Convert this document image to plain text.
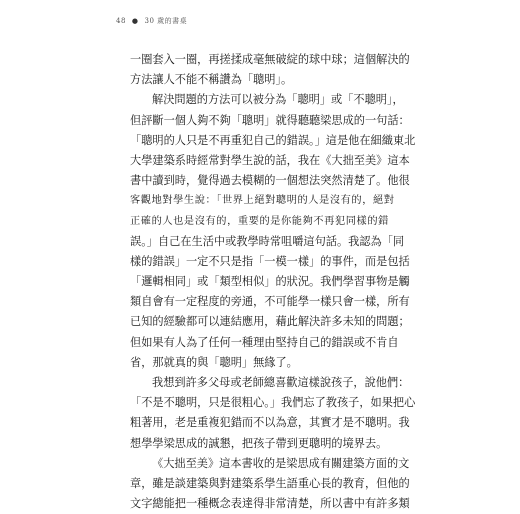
48 ● 30 歲的書桌
一圈套入一圈，再搓揉成毫無破綻的球中球；這個解決的
方法讓人不能不稱讚為「聰明」。
解決問題的方法可以被分為「聰明」或「不聰明」，
但評斷一個人夠不夠「聰明」就得聽聽梁思成的一句話：
「聰明的人只是不再重犯自己的錯誤。」這是他在細織東北
大學建築系時經常對學生說的話，我在《大拙至美》這本
書中讀到時，覺得過去模糊的一個想法突然清楚了。他很
客觀地對學生說：「世界上絕對聰明的人是沒有的，絕對
正確的人也是沒有的，重要的是你能夠不再犯同樣的錯
誤。」自己在生活中或教學時常咀嚼這句話。我認為「同
樣的錯誤」一定不只是指「一模一樣」的事件，而是包括
「邏輯相同」或「類型相似」的狀況。我們學習事物是觸
類自會有一定程度的旁通，不可能學一樣只會一樣，所有
已知的經驗都可以連結應用，藉此解決許多未知的問題；
但如果有人為了任何一種理由堅持自己的錯誤或不肯自
省，那就真的與「聰明」無緣了。
我想到許多父母或老師總喜歡這樣說孩子，說他們：
「不是不聰明，只是很粗心。」我們忘了教孩子，如果把心
粗著用，老是重複犯錯而不以為意，其實才是不聰明。我
想學學梁思成的誠懇，把孩子帶到更聰明的境界去。
《大拙至美》這本書收的是梁思成有關建築方面的文
章，雖是談建築與對建築系學生語重心長的教育，但他的
文字總能把一種概念表達得非常清楚，所以書中有許多類
